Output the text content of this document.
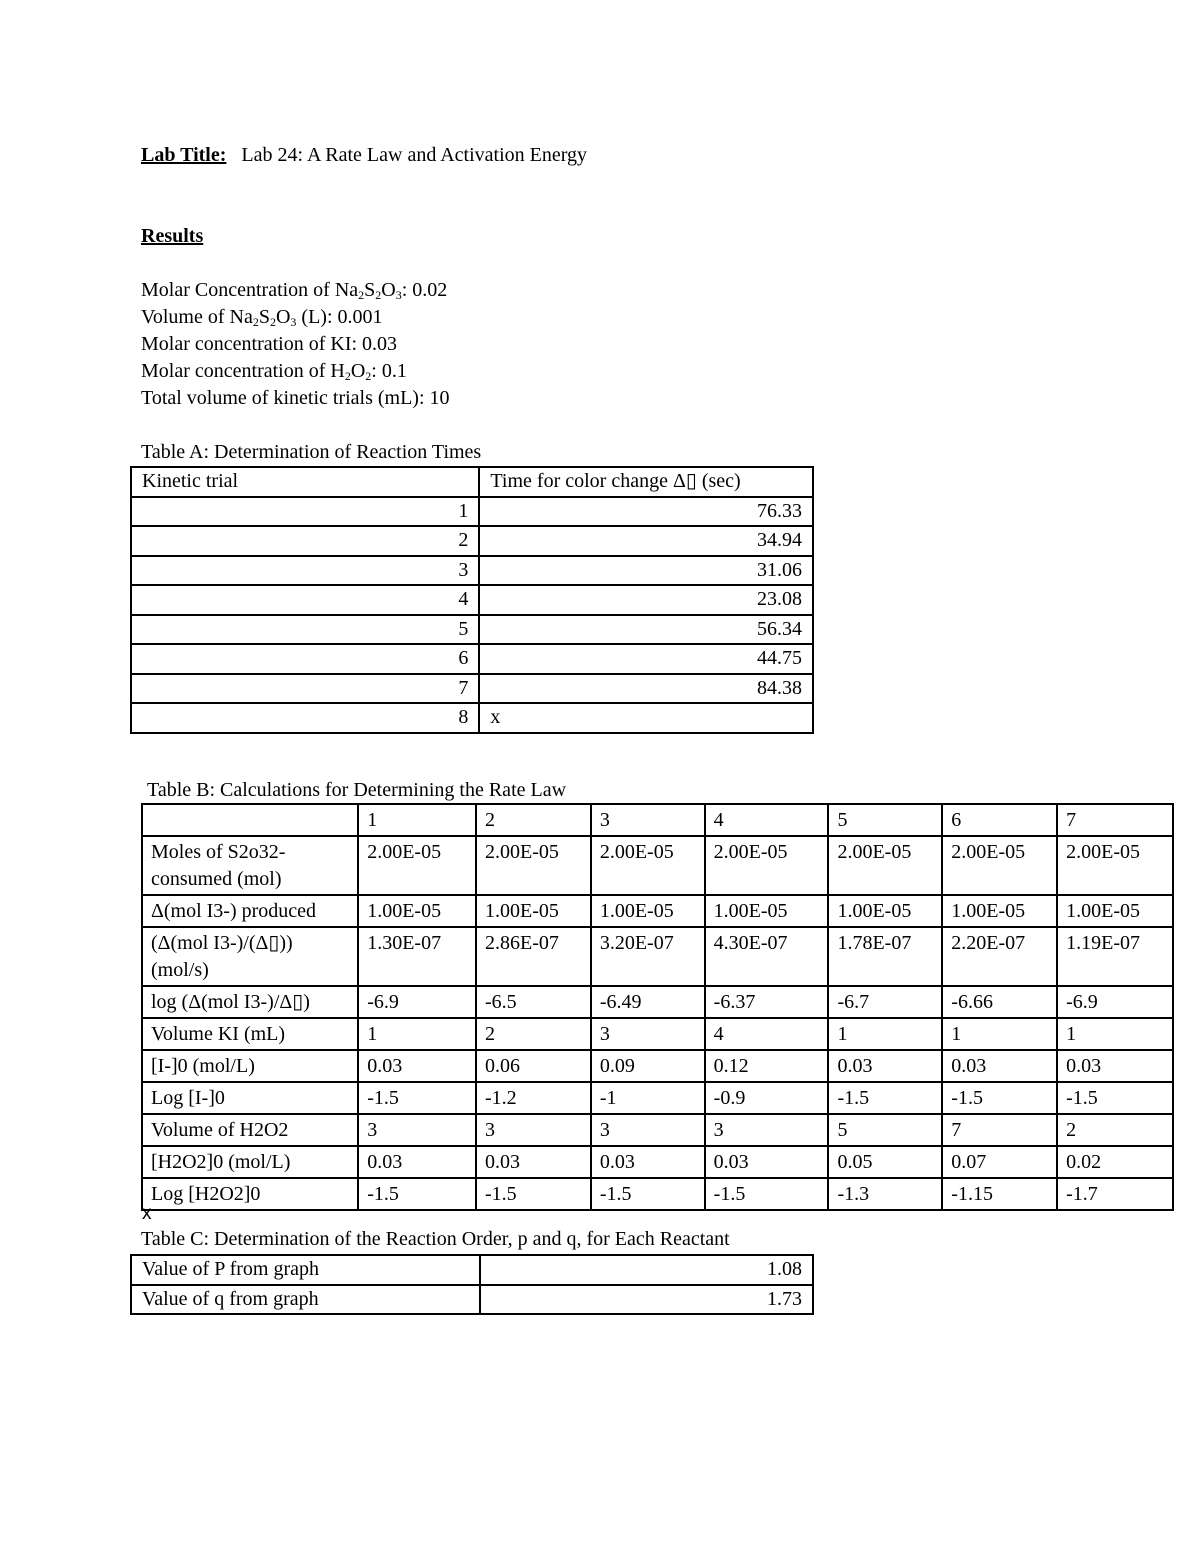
Lab Title: Lab 24: A Rate Law and Activation Energy
Results
Molar Concentration of $Na_2S_2O_3$: 0.02
Volume of $Na_2S_2O_3$ (L): 0.001
Molar concentration of KI: 0.03
Molar concentration of $H_2O_2$: 0.1
Total volume of kinetic trials (mL): 10
Table A: Determination of Reaction Times
Kinetic trial	Time for color change Δ▯ (sec)
1	76.33
2	34.94
3	31.06
4	23.08
5	56.34
6	44.75
7	84.38
8	x
Table B: Calculations for Determining the Rate Law
	1	2	3	4	5	6	7
Moles of S2o32- consumed (mol)	2.00E-05	2.00E-05	2.00E-05	2.00E-05	2.00E-05	2.00E-05	2.00E-05
Δ(mol I3-) produced	1.00E-05	1.00E-05	1.00E-05	1.00E-05	1.00E-05	1.00E-05	1.00E-05
(Δ(mol I3-)/(Δ▯)) (mol/s)	1.30E-07	2.86E-07	3.20E-07	4.30E-07	1.78E-07	2.20E-07	1.19E-07
log (Δ(mol I3-)/Δ▯)	-6.9	-6.5	-6.49	-6.37	-6.7	-6.66	-6.9
Volume KI (mL)	1	2	3	4	1	1	1
[I-]0 (mol/L)	0.03	0.06	0.09	0.12	0.03	0.03	0.03
Log [I-]0	-1.5	-1.2	-1	-0.9	-1.5	-1.5	-1.5
Volume of H2O2	3	3	3	3	5	7	2
[H2O2]0 (mol/L)	0.03	0.03	0.03	0.03	0.05	0.07	0.02
Log [H2O2]0	-1.5	-1.5	-1.5	-1.5	-1.3	-1.15	-1.7
x
Table C: Determination of the Reaction Order, p and q, for Each Reactant
Value of P from graph	1.08
Value of q from graph	1.73
